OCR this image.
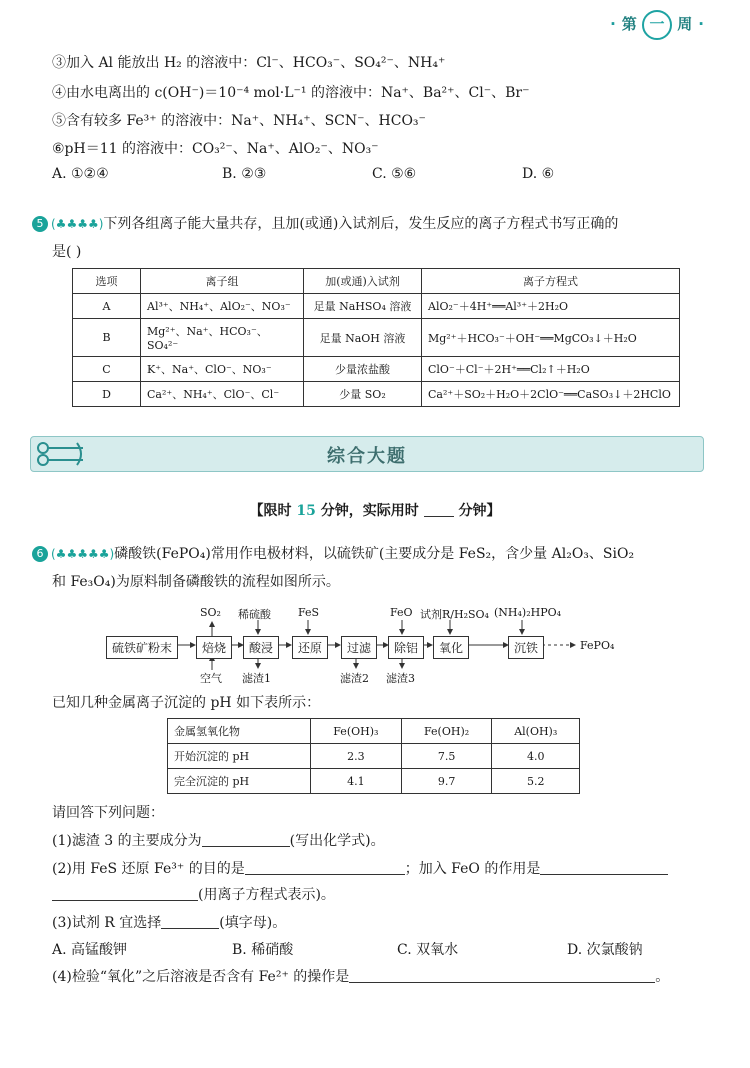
· 第 一 周 ·
③加入 Al 能放出 H₂ 的溶液中：Cl⁻、HCO₃⁻、SO₄²⁻、NH₄⁺
④由水电离出的 c(OH⁻)＝10⁻⁴ mol·L⁻¹ 的溶液中：Na⁺、Ba²⁺、Cl⁻、Br⁻
⑤含有较多 Fe³⁺ 的溶液中：Na⁺、NH₄⁺、SCN⁻、HCO₃⁻
⑥pH＝11 的溶液中：CO₃²⁻、Na⁺、AlO₂⁻、NO₃⁻
A. ①②④	B. ②③	C. ⑤⑥	D. ⑥
5 (♣♣♣♣)下列各组离子能大量共存，且加(或通)入试剂后，发生反应的离子方程式书写正确的
是( )
选项	离子组	加(或通)入试剂	离子方程式
A	Al³⁺、NH₄⁺、AlO₂⁻、NO₃⁻	足量 NaHSO₄ 溶液	AlO₂⁻＋4H⁺══Al³⁺＋2H₂O
B	Mg²⁺、Na⁺、HCO₃⁻、SO₄²⁻	足量 NaOH 溶液	Mg²⁺＋HCO₃⁻＋OH⁻══MgCO₃↓＋H₂O
C	K⁺、Na⁺、ClO⁻、NO₃⁻	少量浓盐酸	ClO⁻＋Cl⁻＋2H⁺══Cl₂↑＋H₂O
D	Ca²⁺、NH₄⁺、ClO⁻、Cl⁻	少量 SO₂	Ca²⁺＋SO₂＋H₂O＋2ClO⁻══CaSO₃↓＋2HClO
综合大题
【限时 15 分钟，实际用时	分钟】
6 (♣♣♣♣♣)磷酸铁(FePO₄)常用作电极材料，以硫铁矿(主要成分是 FeS₂，含少量 Al₂O₃、SiO₂
和 Fe₃O₄)为原料制备磷酸铁的流程如图所示。
硫铁矿粉末	焙烧	酸浸	还原	过滤	除铝	氧化	沉铁	FePO₄
SO₂ 稀硫酸 FeS	FeO 试剂R/H₂SO₄ (NH₄)₂HPO₄
空气 滤渣1	滤渣2 滤渣3
已知几种金属离子沉淀的 pH 如下表所示：
金属氢氧化物	Fe(OH)₃	Fe(OH)₂	Al(OH)₃
开始沉淀的 pH	2.3	7.5	4.0
完全沉淀的 pH	4.1	9.7	5.2
请回答下列问题：
(1)滤渣 3 的主要成分为	(写出化学式)。
(2)用 FeS 还原 Fe³⁺ 的目的是	；加入 FeO 的作用是
(用离子方程式表示)。
(3)试剂 R 宜选择	(填字母)。
A. 高锰酸钾	B. 稀硝酸	C. 双氧水	D. 次氯酸钠
(4)检验“氧化”之后溶液是否含有 Fe²⁺ 的操作是	。
